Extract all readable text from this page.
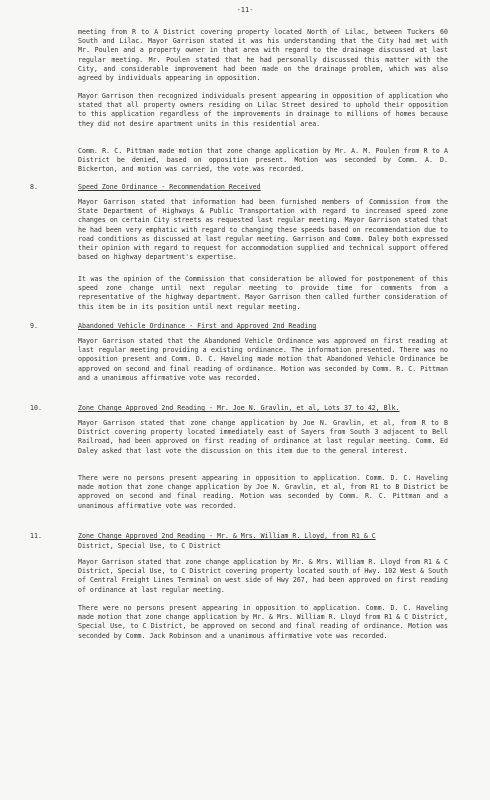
-11-

meeting from R to A District covering property located North of Lilac, between Tuckers 60 South and Lilac. Mayor Garrison stated it was his understanding that the City had met with Mr. Poulen and a property owner in that area with regard to the drainage discussed at last regular meeting. Mr. Poulen stated that he had personally discussed this matter with the City, and considerable improvement had been made on the drainage problem, which was also agreed by individuals appearing in opposition.

Mayor Garrison then recognized individuals present appearing in opposition of application who stated that all property owners residing on Lilac Street desired to uphold their opposition to this application regardless of the improvements in drainage to millions of homes because they did not desire apartment units in this residential area.

Comm. R. C. Pittman made motion that zone change application by Mr. A. M. Poulen from R to A District be denied, based on opposition present. Motion was seconded by Comm. A. D. Bickerton, and motion was carried, the vote was recorded.

8.	Speed Zone Ordinance - Recommendation Received

Mayor Garrison stated that information had been furnished members of Commission from the State Department of Highways & Public Transportation with regard to increased speed zone changes on certain City streets as requested last regular meeting. Mayor Garrison stated that he had been very emphatic with regard to changing these speeds based on recommendation due to road conditions as discussed at last regular meeting. Garrison and Comm. Daley both expressed their opinion with regard to request for accommodation supplied and technical support offered based on highway department's expertise.

It was the opinion of the Commission that consideration be allowed for postponement of this speed zone change until next regular meeting to provide time for comments from a representative of the highway department. Mayor Garrison then called further consideration of this item be in its position until next regular meeting.

9.	Abandoned Vehicle Ordinance - First and Approved 2nd Reading

Mayor Garrison stated that the Abandoned Vehicle Ordinance was approved on first reading at last regular meeting providing a existing ordinance. The information presented. There was no opposition present and Comm. D. C. Haveling made motion that Abandoned Vehicle Ordinance be approved on second and final reading of ordinance. Motion was seconded by Comm. R. C. Pittman and a unanimous affirmative vote was recorded.

10.	Zone Change Approved 2nd Reading - Mr. Joe N. Gravlin, et al, Lots 37 to 42, Blk.

Mayor Garrison stated that zone change application by Joe N. Gravlin, et al, from R to B District covering property located immediately east of Sayers from South 3 adjacent to Bell Railroad, had been approved on first reading of ordinance at last regular meeting. Comm. Ed Daley asked that last vote the discussion on this item due to the general interest.

There were no persons present appearing in opposition to application. Comm. D. C. Haveling made motion that zone change application by Joe N. Gravlin, et al, from R1 to B District be approved on second and final reading. Motion was seconded by Comm. R. C. Pittman and a unanimous affirmative vote was recorded.

11.	Zone Change Approved 2nd Reading - Mr. & Mrs. William R. Lloyd, from R1 & C
District, Special Use, to C District

Mayor Garrison stated that zone change application by Mr. & Mrs. William R. Lloyd from R1 & C District, Special Use, to C District covering property located south of Hwy. 102 West & South of Central Freight Lines Terminal on west side of Hwy 267, had been approved on first reading of ordinance at last regular meeting.

There were no persons present appearing in opposition to application. Comm. D. C. Haveling made motion that zone change application by Mr. & Mrs. William R. Lloyd from R1 & C District, Special Use, to C District, be approved on second and final reading of ordinance. Motion was seconded by Comm. Jack Robinson and a unanimous affirmative vote was recorded.
